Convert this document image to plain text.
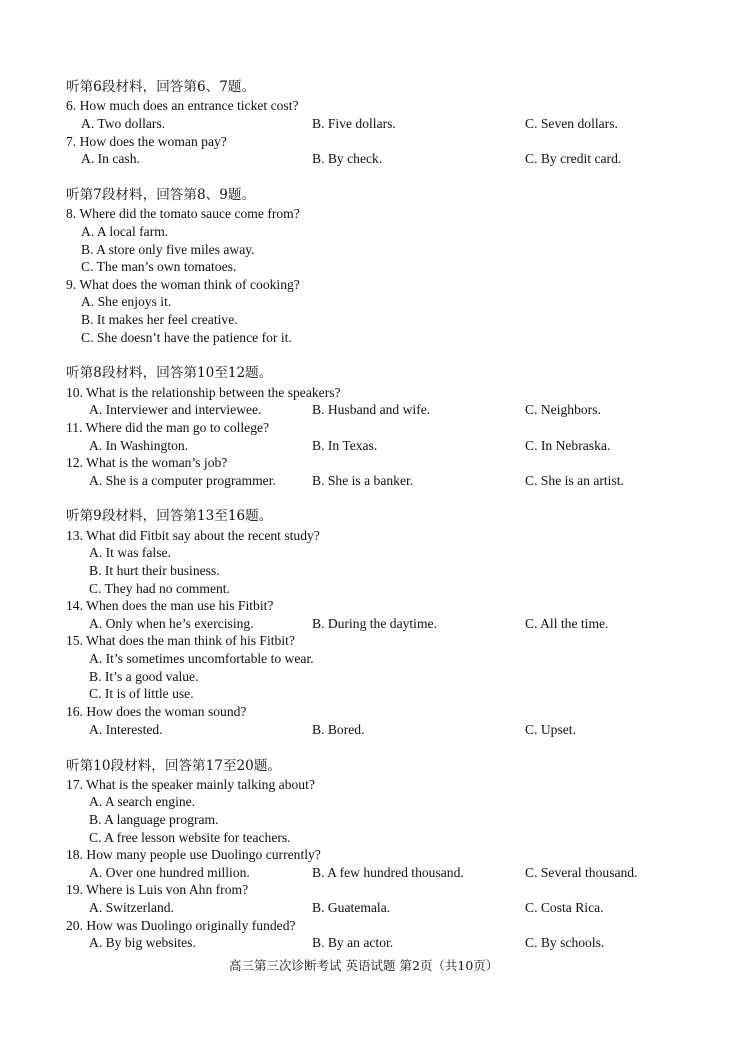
听第6段材料，回答第6、7题。
6. How much does an entrance ticket cost?
A. Two dollars.	B. Five dollars.	C. Seven dollars.
7. How does the woman pay?
A. In cash.	B. By check.	C. By credit card.
听第7段材料，回答第8、9题。
8. Where did the tomato sauce come from?
A. A local farm.
B. A store only five miles away.
C. The man’s own tomatoes.
9. What does the woman think of cooking?
A. She enjoys it.
B. It makes her feel creative.
C. She doesn’t have the patience for it.
听第8段材料，回答第10至12题。
10. What is the relationship between the speakers?
A. Interviewer and interviewee.	B. Husband and wife.	C. Neighbors.
11. Where did the man go to college?
A. In Washington.	B. In Texas.	C. In Nebraska.
12. What is the woman’s job?
A. She is a computer programmer.	B. She is a banker.	C. She is an artist.
听第9段材料，回答第13至16题。
13. What did Fitbit say about the recent study?
A. It was false.
B. It hurt their business.
C. They had no comment.
14. When does the man use his Fitbit?
A. Only when he’s exercising.	B. During the daytime.	C. All the time.
15. What does the man think of his Fitbit?
A. It’s sometimes uncomfortable to wear.
B. It’s a good value.
C. It is of little use.
16. How does the woman sound?
A. Interested.	B. Bored.	C. Upset.
听第10段材料，回答第17至20题。
17. What is the speaker mainly talking about?
A. A search engine.
B. A language program.
C. A free lesson website for teachers.
18. How many people use Duolingo currently?
A. Over one hundred million.	B. A few hundred thousand.	C. Several thousand.
19. Where is Luis von Ahn from?
A. Switzerland.	B. Guatemala.	C. Costa Rica.
20. How was Duolingo originally funded?
A. By big websites.	B. By an actor.	C. By schools.
高三第三次诊断考试 英语试题 第2页（共10页）
